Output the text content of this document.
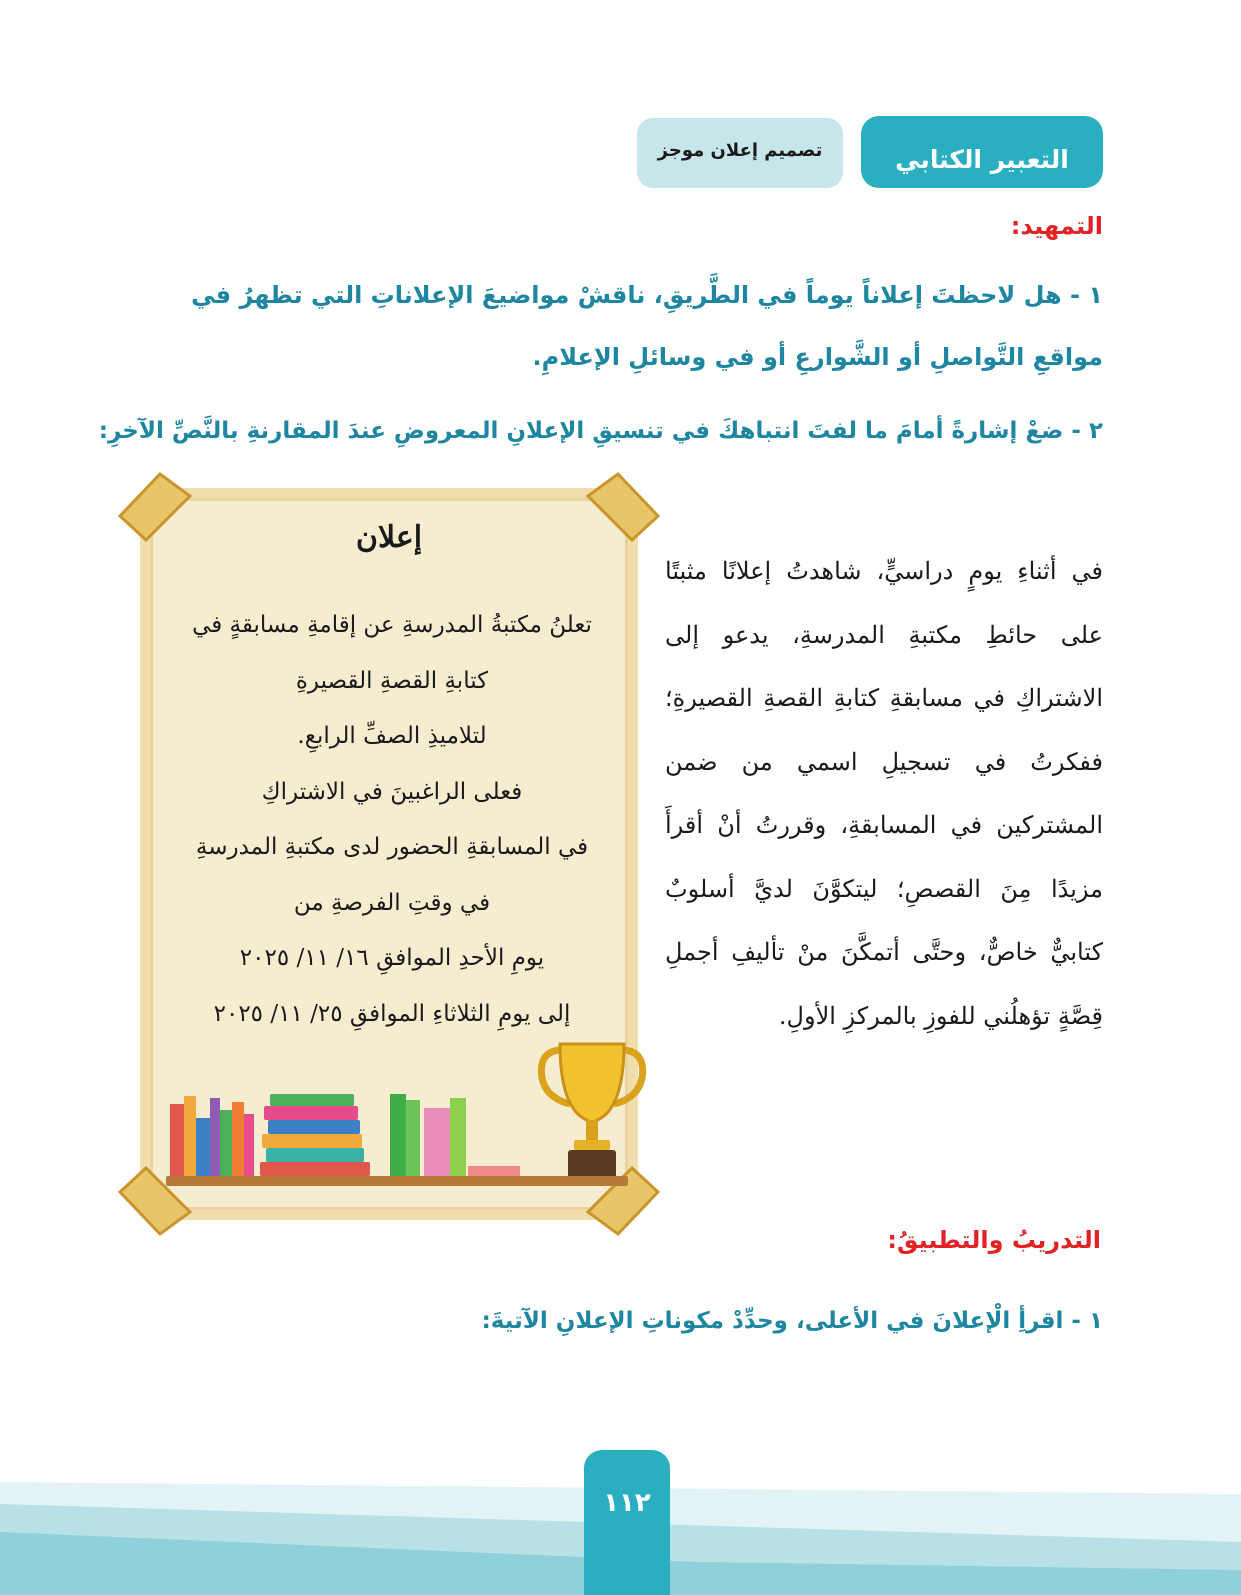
التعبير الكتابي
تصميم إعلان موجز
التمهيد:
١ - هل لاحظتَ إعلاناً يوماً في الطَّريقِ، ناقشْ مواضيعَ الإعلاناتِ التي تظهرُ في مواقعِ التَّواصلِ أو الشَّوارعِ أو في وسائلِ الإعلامِ.
٢ - ضعْ إشارةً أمامَ ما لفتَ انتباهكَ في تنسيقِ الإعلانِ المعروضِ عندَ المقارنةِ بالنَّصِّ الآخرِ:
في أثناءِ يومٍ دراسيٍّ، شاهدتُ إعلانًا مثبتًا على حائطِ مكتبةِ المدرسةِ، يدعو إلى الاشتراكِ في مسابقةِ كتابةِ القصةِ القصيرةِ؛ ففكرتُ في تسجيلِ اسمي من ضمن المشتركين في المسابقةِ، وقررتُ أنْ أقرأَ مزيدًا مِنَ القصصِ؛ ليتكوَّنَ لديَّ أسلوبٌ كتابيٌّ خاصٌّ، وحتَّى أتمكَّنَ منْ تأليفِ أجملِ قِصَّةٍ تؤهلُني للفوزِ بالمركزِ الأولِ.
إعلان
تعلنُ مكتبةُ المدرسةِ عن إقامةِ مسابقةٍ في
كتابةِ القصةِ القصيرةِ
لتلاميذِ الصفِّ الرابعِ.
فعلى الراغبينَ في الاشتراكِ
في المسابقةِ الحضور لدى مكتبةِ المدرسةِ
في وقتِ الفرصةِ من
يومِ الأحدِ الموافقِ ١٦/ ١١/ ٢٠٢٥
إلى يومِ الثلاثاءِ الموافقِ ٢٥/ ١١/ ٢٠٢٥
التدريبُ والتطبيقُ:
١ - اقرأِ الْإعلانَ في الأعلى، وحدِّدْ مكوناتِ الإعلانِ الآتيةَ:
١١٢
